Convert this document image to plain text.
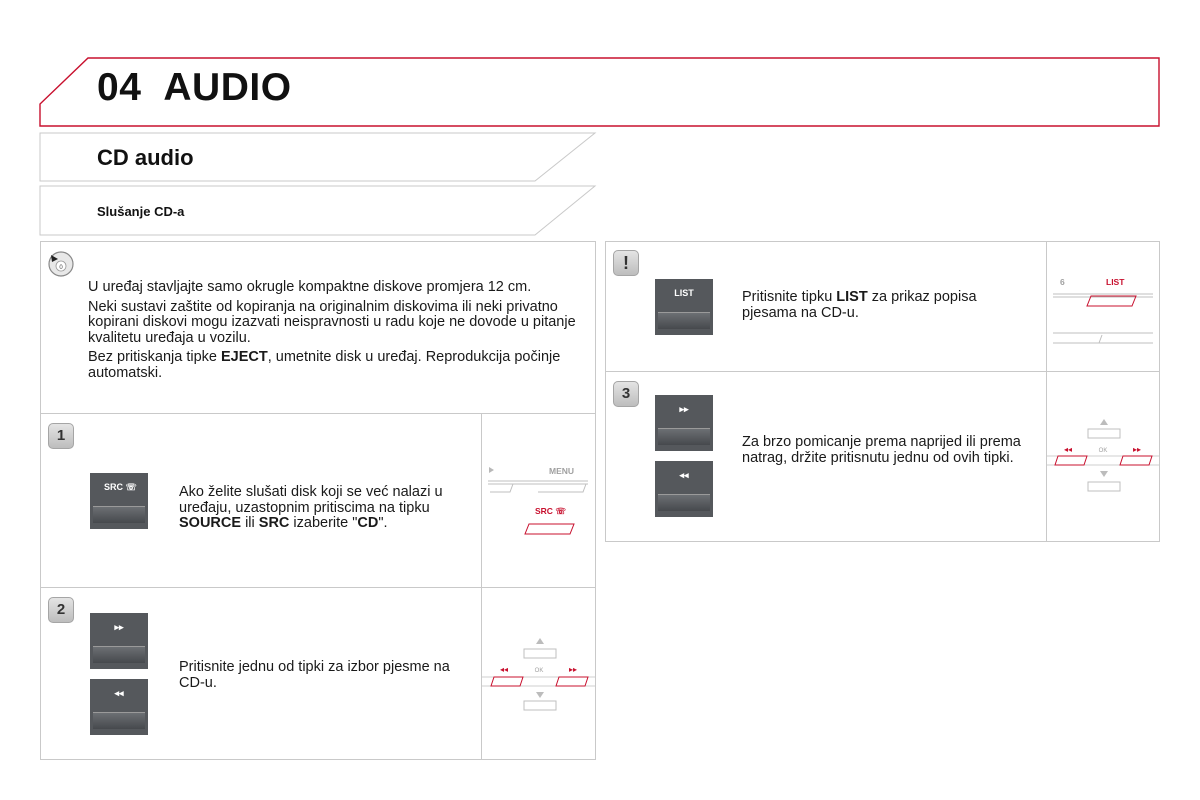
04 AUDIO
CD audio
Slušanje CD-a
0

U uređaj stavljajte samo okrugle kompaktne diskove promjera 12 cm.

Neki sustavi zaštite od kopiranja na originalnim diskovima ili neki privatno kopirani diskovi mogu izazvati neispravnosti u radu koje ne dovode u pitanje kvalitetu uređaja u vozilu.

Bez pritiskanja tipke EJECT, umetnite disk u uređaj. Reprodukcija počinje automatski.

1
SRC ☏	Ako želite slušati disk koji se već nalazi u uređaju, uzastopnim pritiscima na tipku SOURCE ili SRC izaberite "CD".
MENU
SRC ☏
2
▸▸
◂◂
Pritisnite jednu od tipki za izbor pjesme na CD-u.
OK
◂◂	▸▸
!
LIST	Pritisnite tipku LIST za prikaz popisa pjesama na CD-u.
6	LIST
3
▸▸
◂◂
Za brzo pomicanje prema naprijed ili prema natrag, držite pritisnutu jednu od ovih tipki.	OK
◂◂	▸▸
